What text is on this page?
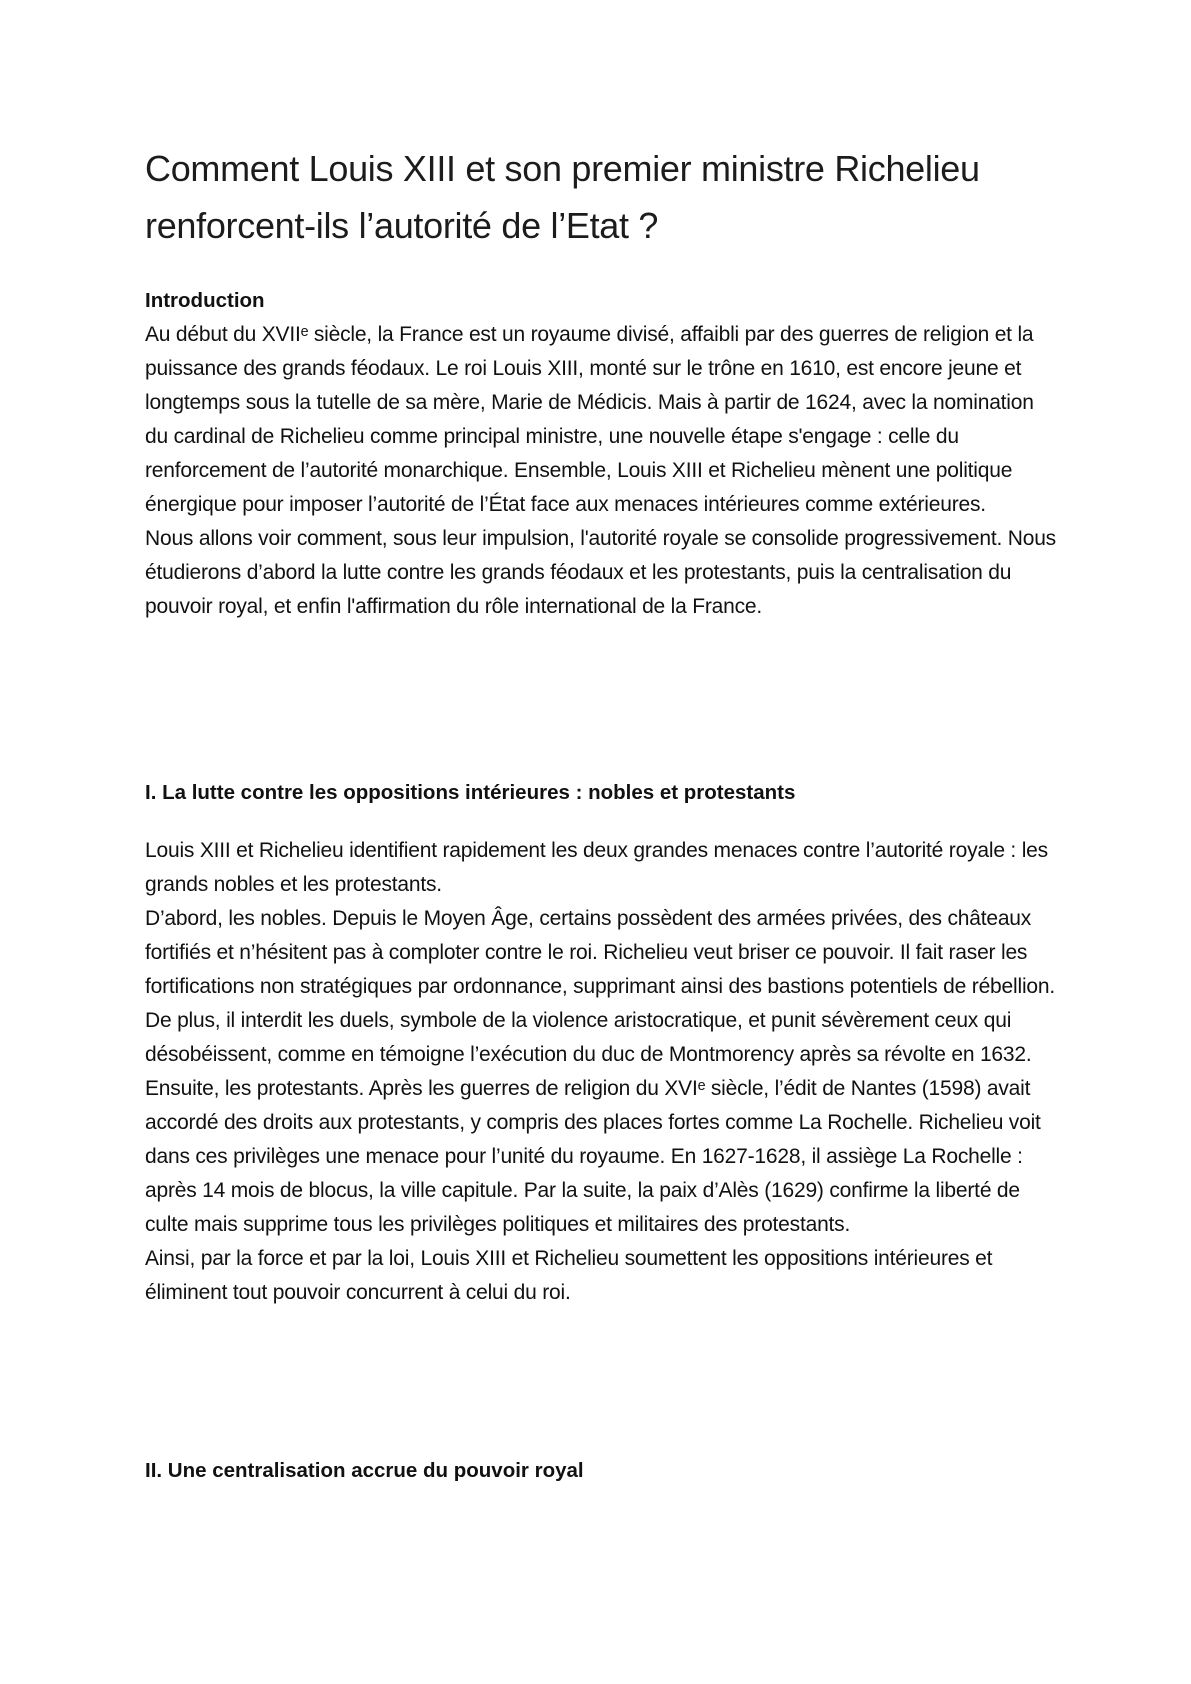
Comment Louis XIII et son premier ministre Richelieu renforcent-ils l’autorité de l’Etat ?
Introduction

Au début du XVIIᵉ siècle, la France est un royaume divisé, affaibli par des guerres de religion et la puissance des grands féodaux. Le roi Louis XIII, monté sur le trône en 1610, est encore jeune et longtemps sous la tutelle de sa mère, Marie de Médicis. Mais à partir de 1624, avec la nomination du cardinal de Richelieu comme principal ministre, une nouvelle étape s'engage : celle du renforcement de l’autorité monarchique. Ensemble, Louis XIII et Richelieu mènent une politique énergique pour imposer l’autorité de l’État face aux menaces intérieures comme extérieures.

Nous allons voir comment, sous leur impulsion, l'autorité royale se consolide progressivement. Nous étudierons d’abord la lutte contre les grands féodaux et les protestants, puis la centralisation du pouvoir royal, et enfin l'affirmation du rôle international de la France.

I. La lutte contre les oppositions intérieures : nobles et protestants

Louis XIII et Richelieu identifient rapidement les deux grandes menaces contre l’autorité royale : les grands nobles et les protestants.

D’abord, les nobles. Depuis le Moyen Âge, certains possèdent des armées privées, des châteaux fortifiés et n’hésitent pas à comploter contre le roi. Richelieu veut briser ce pouvoir. Il fait raser les fortifications non stratégiques par ordonnance, supprimant ainsi des bastions potentiels de rébellion. De plus, il interdit les duels, symbole de la violence aristocratique, et punit sévèrement ceux qui désobéissent, comme en témoigne l’exécution du duc de Montmorency après sa révolte en 1632.

Ensuite, les protestants. Après les guerres de religion du XVIᵉ siècle, l’édit de Nantes (1598) avait accordé des droits aux protestants, y compris des places fortes comme La Rochelle. Richelieu voit dans ces privilèges une menace pour l’unité du royaume. En 1627-1628, il assiège La Rochelle : après 14 mois de blocus, la ville capitule. Par la suite, la paix d’Alès (1629) confirme la liberté de culte mais supprime tous les privilèges politiques et militaires des protestants.

Ainsi, par la force et par la loi, Louis XIII et Richelieu soumettent les oppositions intérieures et éliminent tout pouvoir concurrent à celui du roi.

II. Une centralisation accrue du pouvoir royal
